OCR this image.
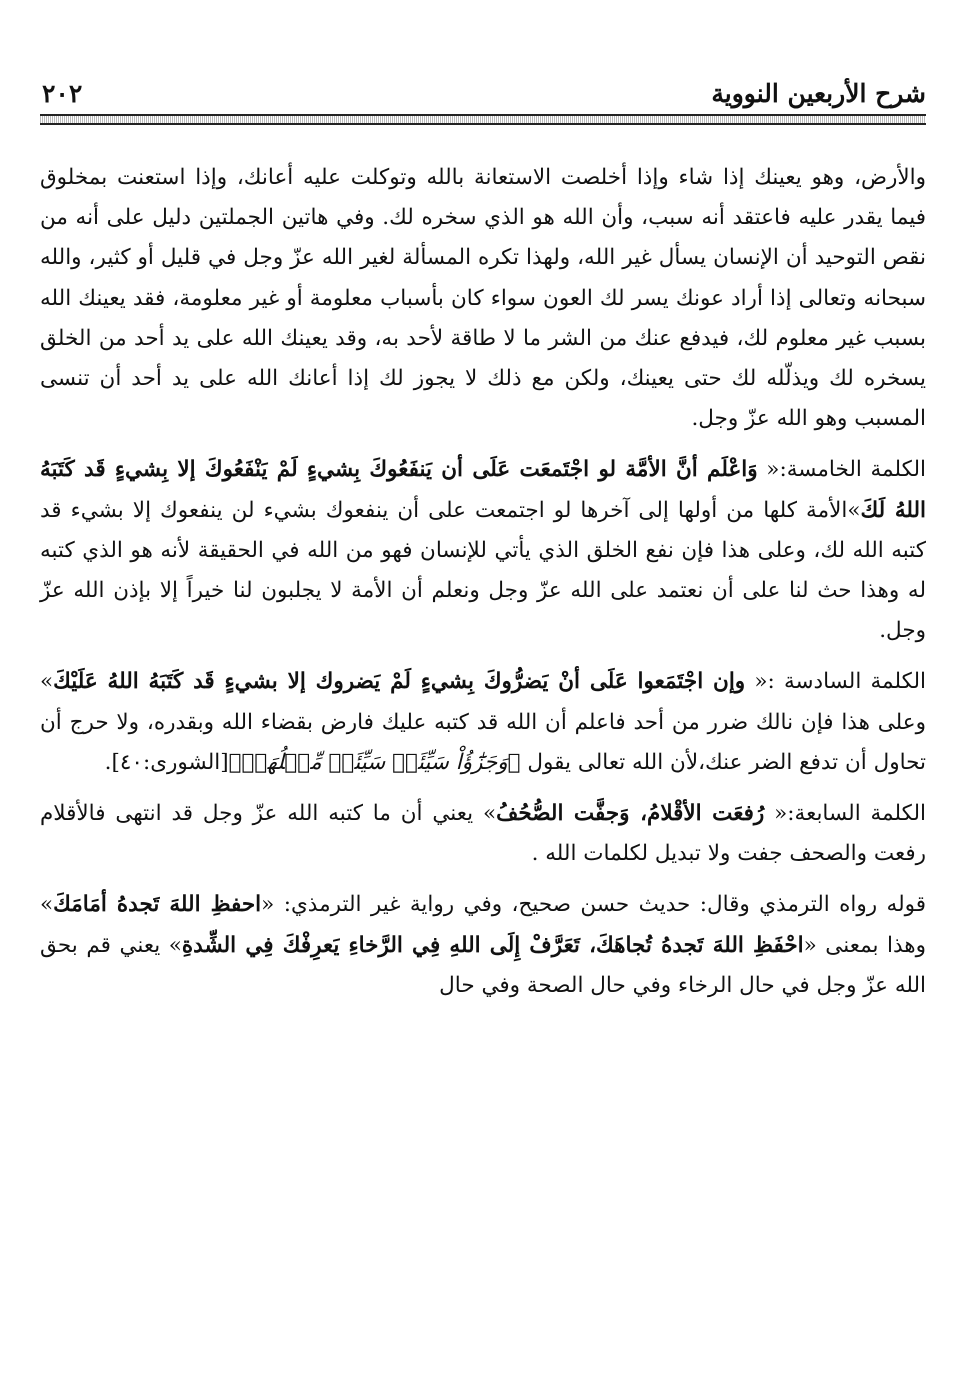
شرح الأربعين النووية
٢٠٢

والأرض، وهو يعينك إذا شاء وإذا أخلصت الاستعانة بالله وتوكلت عليه أعانك، وإذا استعنت بمخلوق فيما يقدر عليه فاعتقد أنه سبب، وأن الله هو الذي سخره لك. وفي هاتين الجملتين دليل على أنه من نقص التوحيد أن الإنسان يسأل غير الله، ولهذا تكره المسألة لغير الله عزّ وجل في قليل أو كثير، والله سبحانه وتعالى إذا أراد عونك يسر لك العون سواء كان بأسباب معلومة أو غير معلومة، فقد يعينك الله بسبب غير معلوم لك، فيدفع عنك من الشر ما لا طاقة لأحد به، وقد يعينك الله على يد أحد من الخلق يسخره لك ويذلّله لك حتى يعينك، ولكن مع ذلك لا يجوز لك إذا أعانك الله على يد أحد أن تنسى المسبب وهو الله عزّ وجل.

الكلمة الخامسة:« وَاعْلَم أنَّ الأمَّة لو اجْتَمعَت عَلَى أن يَنفَعُوكَ بِشيءٍ لَمْ يَنْفَعُوكَ إلا بِشيءٍ قَد كَتَبَهُ اللهُ لَكَ»الأمة كلها من أولها إلى آخرها لو اجتمعت على أن ينفعوك بشيء لن ينفعوك إلا بشيء قد كتبه الله لك، وعلى هذا فإن نفع الخلق الذي يأتي للإنسان فهو من الله في الحقيقة لأنه هو الذي كتبه له وهذا حث لنا على أن نعتمد على الله عزّ وجل ونعلم أن الأمة لا يجلبون لنا خيراً إلا بإذن الله عزّ وجل.

الكلمة السادسة :« وإن اجْتَمَعوا عَلَى أنْ يَضرُّوكَ بِشيءٍ لَمْ يَضروك إلا بشيءٍ قَد كَتَبَهُ اللهُ عَلَيْكَ» وعلى هذا فإن نالك ضرر من أحد فاعلم أن الله قد كتبه عليك فارض بقضاء الله وبقدره، ولا حرج أن تحاول أن تدفع الضر عنك،لأن الله تعالى يقول ﴿وَجَزَٰٓؤُاْ سَيِّئَةٖ سَيِّئَةٞ مِّثۡلُهَاۖ﴾[الشورى:٤٠].

الكلمة السابعة:« رُفعَت الأقْلامُ، وَجفَّت الصُّحُفُ» يعني أن ما كتبه الله عزّ وجل قد انتهى فالأقلام رفعت والصحف جفت ولا تبديل لكلمات الله .

قوله رواه الترمذي وقال: حديث حسن صحيح، وفي رواية غير الترمذي: «احفظِ اللهَ تَجدهُ أمَامَكَ» وهذا بمعنى «احْفَظِ اللهَ تَجدهُ تُجاهَكَ، تَعَرَّفْ إِلَى اللهِ فِي الرَّخاءِ يَعرِفْكَ فِي الشِّدةِ» يعني قم بحق الله عزّ وجل في حال الرخاء وفي حال الصحة وفي حال
